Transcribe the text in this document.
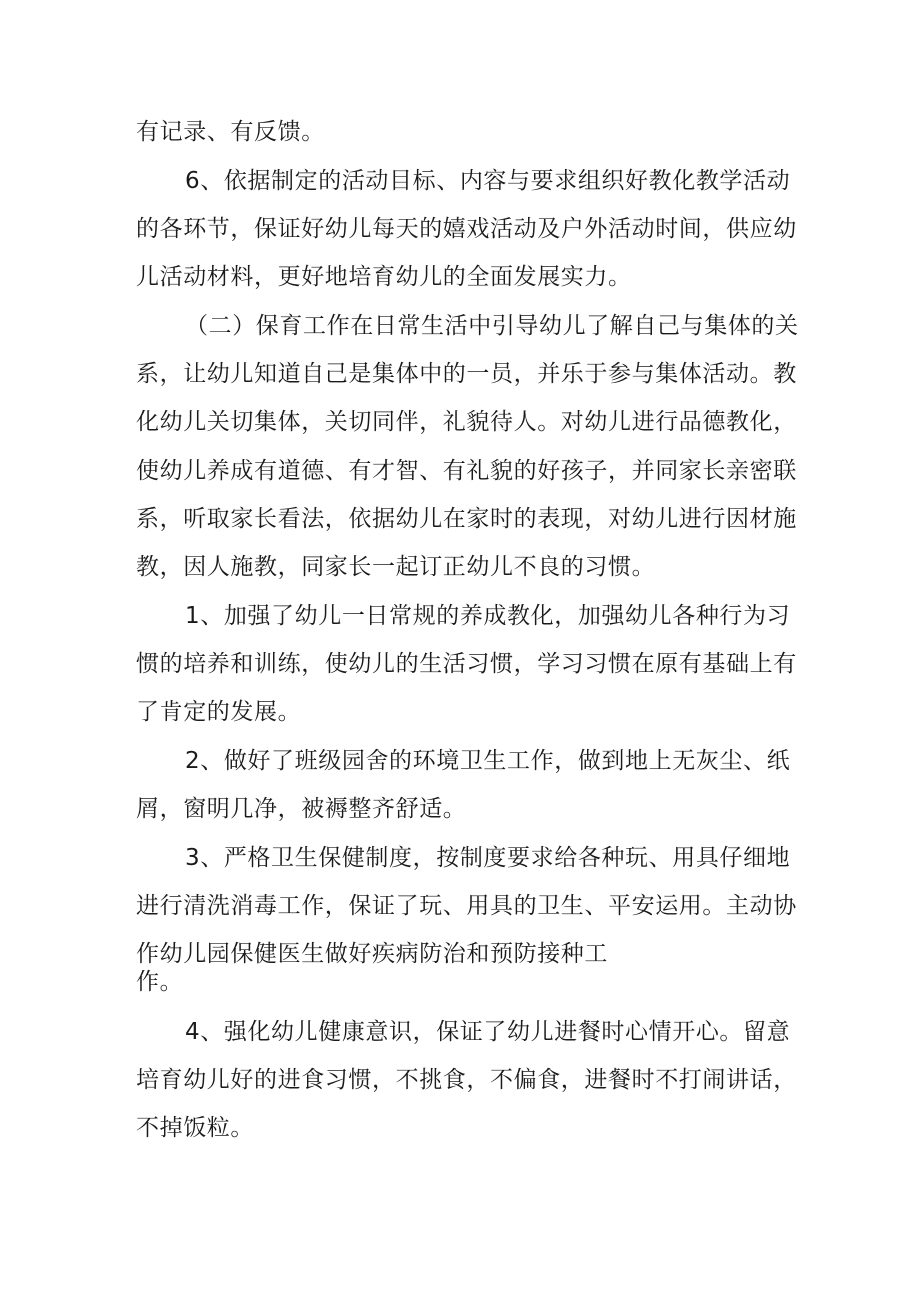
有记录、有反馈。
6、依据制定的活动目标、内容与要求组织好教化教学活动
的各环节，保证好幼儿每天的嬉戏活动及户外活动时间，供应幼
儿活动材料，更好地培育幼儿的全面发展实力。
（二）保育工作在日常生活中引导幼儿了解自己与集体的关
系，让幼儿知道自己是集体中的一员，并乐于参与集体活动。教
化幼儿关切集体，关切同伴，礼貌待人。对幼儿进行品德教化，
使幼儿养成有道德、有才智、有礼貌的好孩子，并同家长亲密联
系，听取家长看法，依据幼儿在家时的表现，对幼儿进行因材施
教，因人施教，同家长一起订正幼儿不良的习惯。
1、加强了幼儿一日常规的养成教化，加强幼儿各种行为习
惯的培养和训练，使幼儿的生活习惯，学习习惯在原有基础上有
了肯定的发展。
2、做好了班级园舍的环境卫生工作，做到地上无灰尘、纸
屑，窗明几净，被褥整齐舒适。
3、严格卫生保健制度，按制度要求给各种玩、用具仔细地
进行清洗消毒工作，保证了玩、用具的卫生、平安运用。主动协
作幼儿园保健医生做好疾病防治和预防接种工
作。
4、强化幼儿健康意识，保证了幼儿进餐时心情开心。留意
培育幼儿好的进食习惯，不挑食，不偏食，进餐时不打闹讲话，
不掉饭粒。
